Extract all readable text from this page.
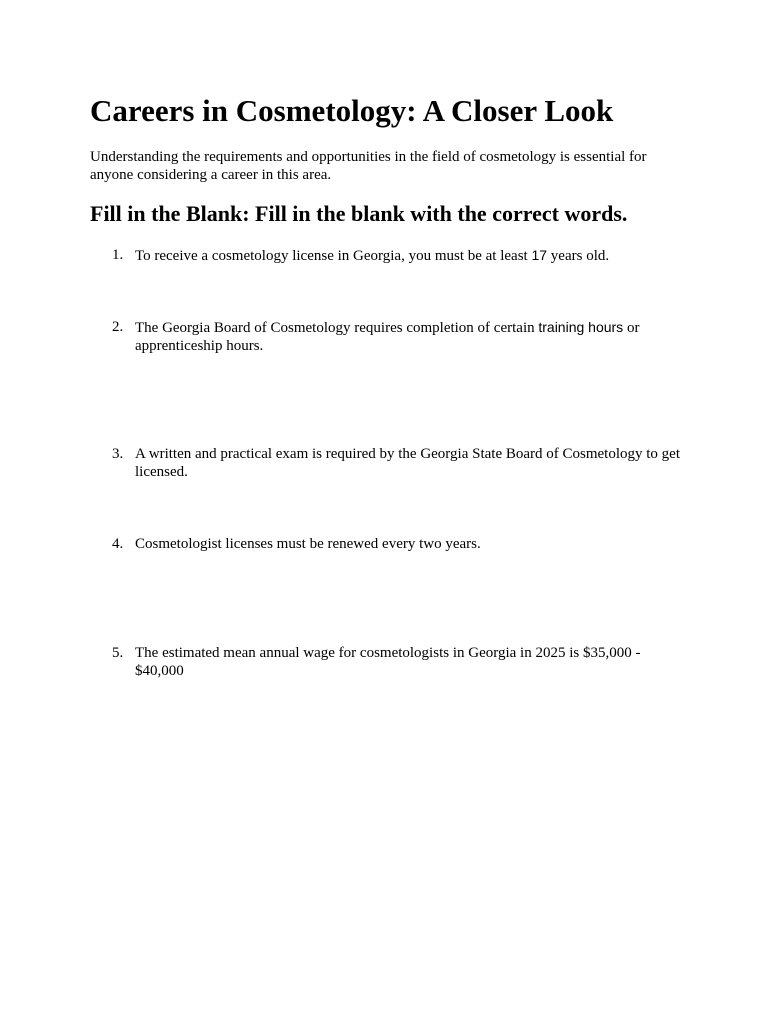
Careers in Cosmetology: A Closer Look

Understanding the requirements and opportunities in the field of cosmetology is essential for anyone considering a career in this area.

Fill in the Blank: Fill in the blank with the correct words.
1. To receive a cosmetology license in Georgia, you must be at least 17 years old.
2. The Georgia Board of Cosmetology requires completion of certain training hours or apprenticeship hours.
3. A written and practical exam is required by the Georgia State Board of Cosmetology to get licensed.
4. Cosmetologist licenses must be renewed every two years.
5. The estimated mean annual wage for cosmetologists in Georgia in 2025 is $35,000 - $40,000
